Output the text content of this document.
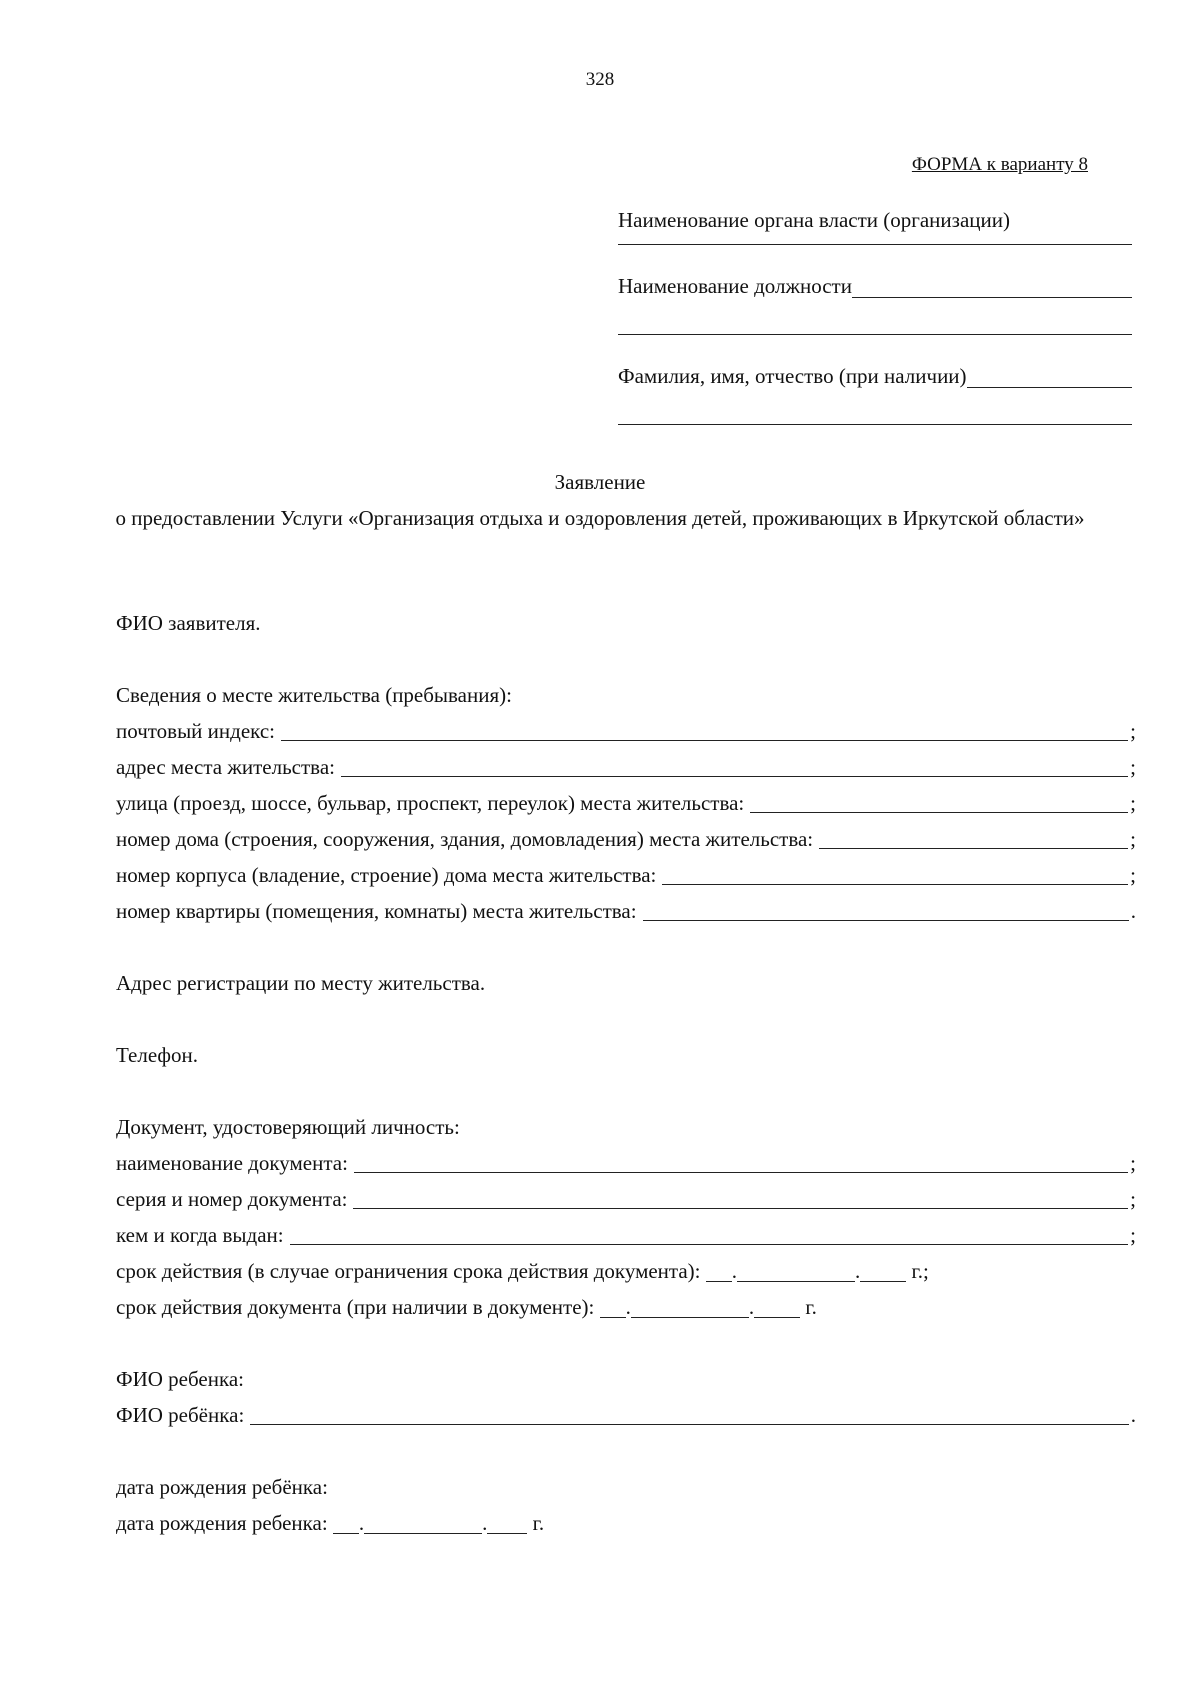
328
ФОРМА к варианту 8
Наименование органа власти (организации)
Наименование должности
Фамилия, имя, отчество (при наличии)
Заявление
о предоставлении Услуги «Организация отдыха и оздоровления детей, проживающих в Иркутской области»
ФИО заявителя.
Сведения о месте жительства (пребывания):
почтовый индекс:	;
адрес места жительства:	;
улица (проезд, шоссе, бульвар, проспект, переулок) места жительства:	;
номер дома (строения, сооружения, здания, домовладения) места жительства:	;
номер корпуса (владение, строение) дома места жительства:	;
номер квартиры (помещения, комнаты) места жительства:	.
Адрес регистрации по месту жительства.
Телефон.
Документ, удостоверяющий личность:
наименование документа:	;
серия и номер документа:	;
кем и когда выдан:	;
срок действия (в случае ограничения срока действия документа):	.	.	г.;
срок действия документа (при наличии в документе):	.	.	г.
ФИО ребенка:
ФИО ребёнка:	.
дата рождения ребёнка:
дата рождения ребенка:	.	.	г.
